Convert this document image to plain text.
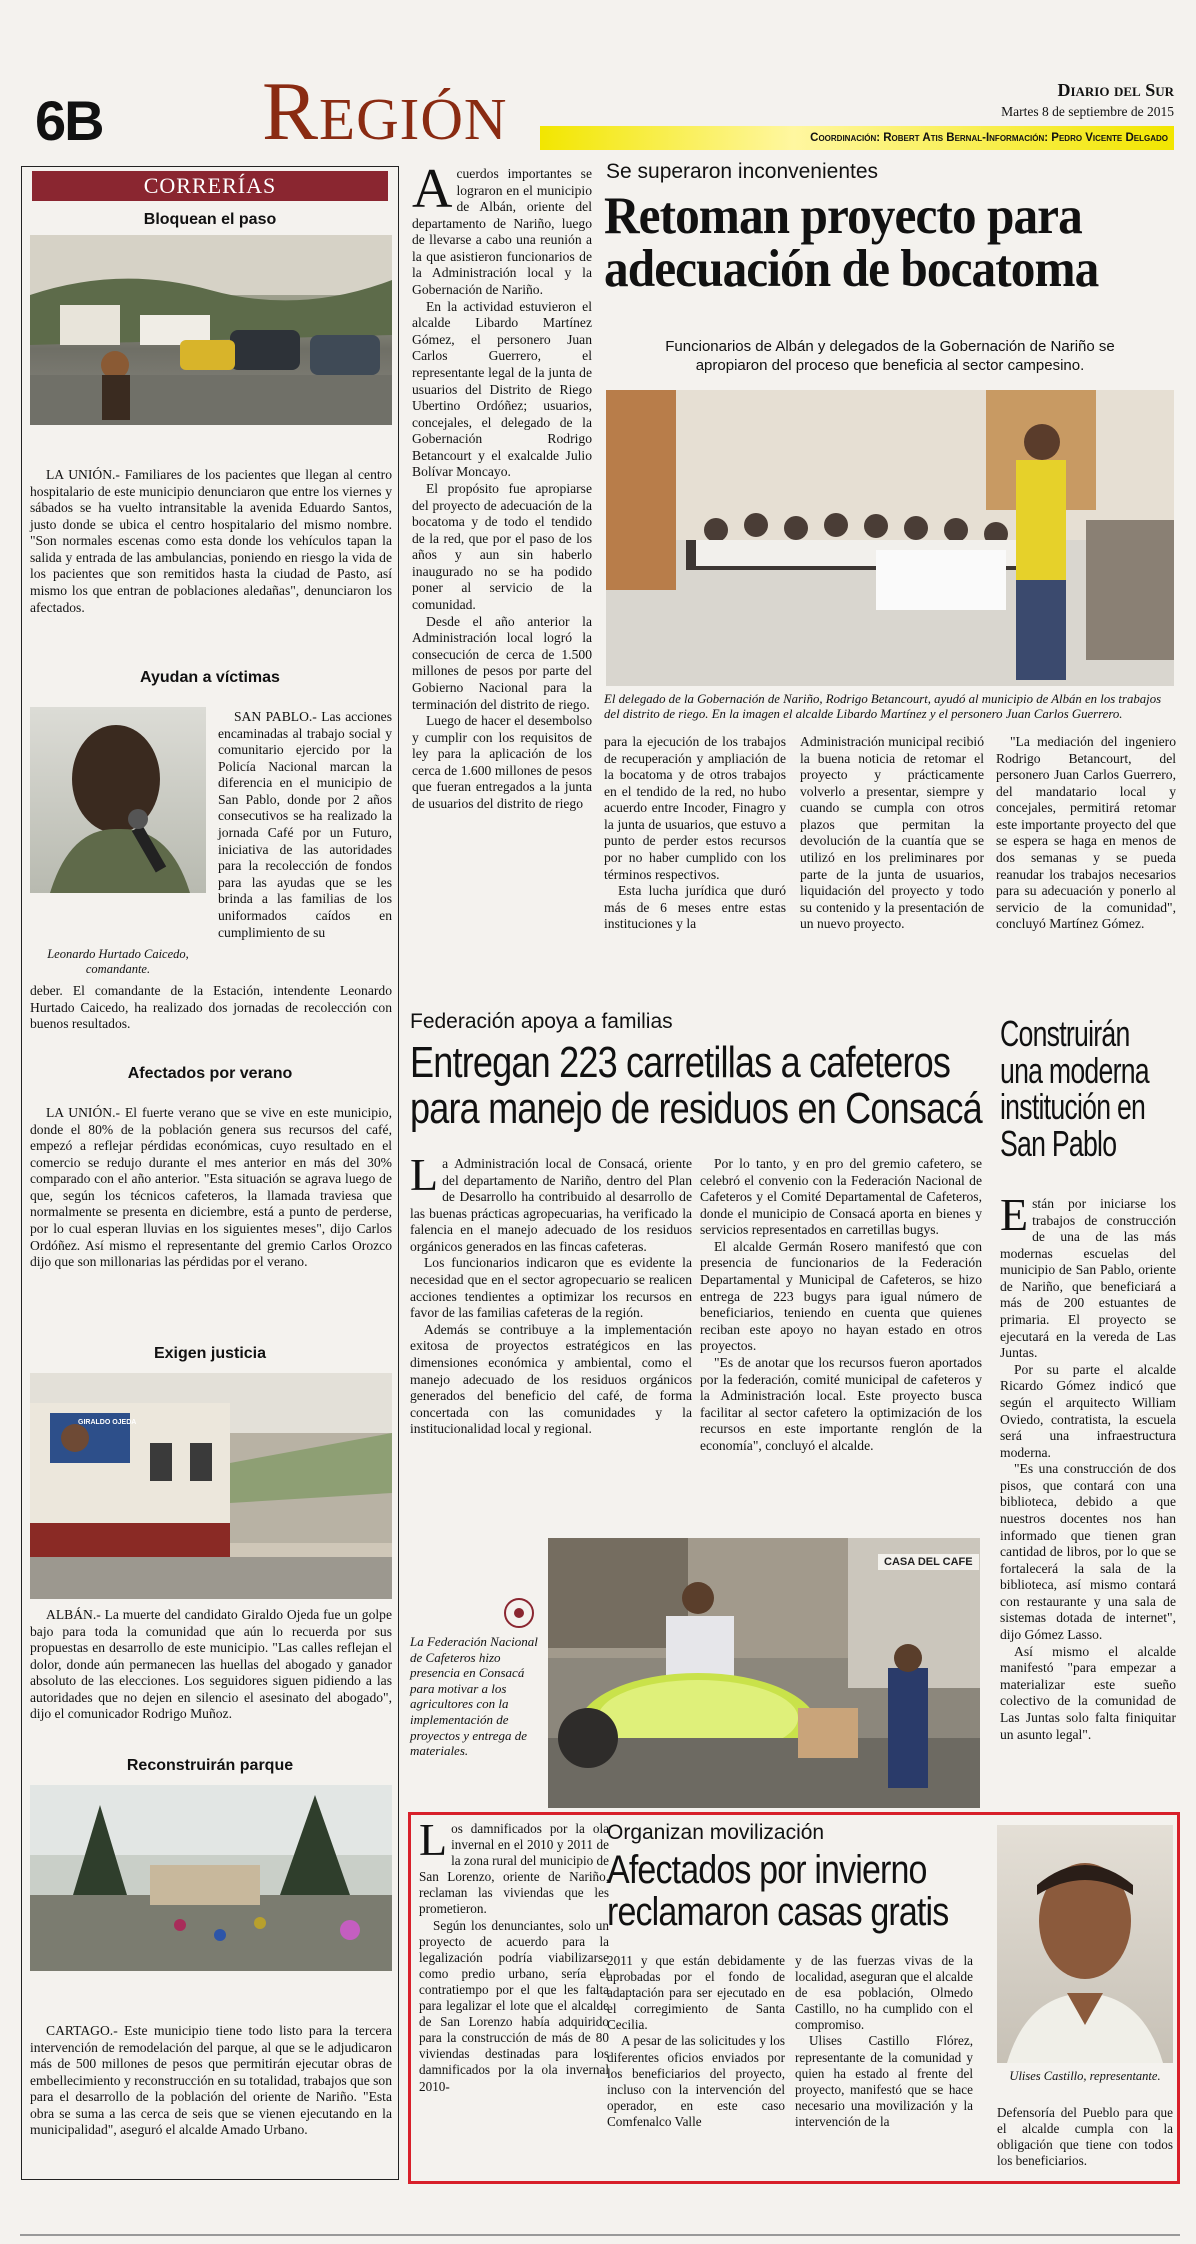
6B Región	Diario del Sur
Martes 8 de septiembre de 2015
Coordinación: Robert Atis Bernal-Información: Pedro Vicente Delgado
CORRERÍAS
Bloquean el paso

LA UNIÓN.- Familiares de los pacientes que llegan al centro hospitalario de este municipio denunciaron que entre los viernes y sábados se ha vuelto intransitable la avenida Eduardo Santos, justo donde se ubica el centro hospitalario del mismo nombre. "Son normales escenas como esta donde los vehículos tapan la salida y entrada de las ambulancias, poniendo en riesgo la vida de los pacientes que son remitidos hasta la ciudad de Pasto, así mismo los que entran de poblaciones aledañas", denunciaron los afectados.

Ayudan a víctimas

SAN PABLO.- Las acciones encaminadas al trabajo social y comunitario ejercido por la Policía Nacional marcan la diferencia en el municipio de San Pablo, donde por 2 años consecutivos se ha realizado la jornada Café por un Futuro, iniciativa de las autoridades para la recolección de fondos para las ayudas que se les brinda a las familias de los uniformados caídos en cumplimiento de su

Leonardo Hurtado Caicedo, comandante.

deber. El comandante de la Estación, intendente Leonardo Hurtado Caicedo, ha realizado dos jornadas de recolección con buenos resultados.

Afectados por verano

LA UNIÓN.- El fuerte verano que se vive en este municipio, donde el 80% de la población genera sus recursos del café, empezó a reflejar pérdidas económicas, cuyo resultado en el comercio se redujo durante el mes anterior en más del 30% comparado con el año anterior. "Esta situación se agrava luego de que, según los técnicos cafeteros, la llamada traviesa que normalmente se presenta en diciembre, está a punto de perderse, por lo cual esperan lluvias en los siguientes meses", dijo Carlos Ordóñez. Así mismo el representante del gremio Carlos Orozco dijo que son millonarias las pérdidas por el verano.

Exigen justicia
GIRALDO OJEDA

ALBÁN.- La muerte del candidato Giraldo Ojeda fue un golpe bajo para toda la comunidad que aún lo recuerda por sus propuestas en desarrollo de este municipio. "Las calles reflejan el dolor, donde aún permanecen las huellas del abogado y ganador absoluto de las elecciones. Los seguidores siguen pidiendo a las autoridades que no dejen en silencio el asesinato del abogado", dijo el comunicador Rodrigo Muñoz.

Reconstruirán parque

CARTAGO.- Este municipio tiene todo listo para la tercera intervención de remodelación del parque, al que se le adjudicaron más de 500 millones de pesos que permitirán ejecutar obras de embellecimiento y reconstrucción en su totalidad, trabajos que son para el desarrollo de la población del oriente de Nariño. "Esta obra se suma a las cerca de seis que se vienen ejecutando en la municipalidad", aseguró el alcalde Amado Urbano.

A cuerdos importantes se lograron en el municipio de Albán, oriente del departamento de Nariño, luego de llevarse a cabo una reunión a la que asistieron funcionarios de la Administración local y la Gobernación de Nariño.

En la actividad estuvieron el alcalde Libardo Martínez Gómez, el personero Juan Carlos Guerrero, el representante legal de la junta de usuarios del Distrito de Riego Ubertino Ordóñez; usuarios, concejales, el delegado de la Gobernación Rodrigo Betancourt y el exalcalde Julio Bolívar Moncayo.

El propósito fue apropiarse del proyecto de adecuación de la bocatoma y de todo el tendido de la red, que por el paso de los años y aun sin haberlo inaugurado no se ha podido poner al servicio de la comunidad.

Desde el año anterior la Administración local logró la consecución de cerca de 1.500 millones de pesos por parte del Gobierno Nacional para la terminación del distrito de riego.

Luego de hacer el desembolso y cumplir con los requisitos de ley para la aplicación de los cerca de 1.600 millones de pesos que fueran entregados a la junta de usuarios del distrito de riego

Se superaron inconvenientes
Retoman proyecto para adecuación de bocatoma
Funcionarios de Albán y delegados de la Gobernación de Nariño se apropiaron del proceso que beneficia al sector campesino.
El delegado de la Gobernación de Nariño, Rodrigo Betancourt, ayudó al municipio de Albán en los trabajos del distrito de riego. En la imagen el alcalde Libardo Martínez y el personero Juan Carlos Guerrero.

para la ejecución de los trabajos de recuperación y ampliación de la bocatoma y de otros trabajos en el tendido de la red, no hubo acuerdo entre Incoder, Finagro y la junta de usuarios, que estuvo a punto de perder estos recursos por no haber cumplido con los términos respectivos.

Esta lucha jurídica que duró más de 6 meses entre estas instituciones y la

Administración municipal recibió la buena noticia de retomar el proyecto y prácticamente volverlo a presentar, siempre y cuando se cumpla con otros plazos que permitan la devolución de la cuantía que se utilizó en los preliminares por parte de la junta de usuarios, liquidación del proyecto y todo su contenido y la presentación de un nuevo proyecto.

"La mediación del ingeniero Rodrigo Betancourt, del personero Juan Carlos Guerrero, del mandatario local y concejales, permitirá retomar este importante proyecto del que se espera se haga en menos de dos semanas y se pueda reanudar los trabajos necesarios para su adecuación y ponerlo al servicio de la comunidad", concluyó Martínez Gómez.

Federación apoya a familias
Entregan 223 carretillas a cafeteros para manejo de residuos en Consacá
L a Administración local de Consacá, oriente del departamento de Nariño, dentro del Plan de Desarrollo ha contribuido al desarrollo de las buenas prácticas agropecuarias, ha verificado la falencia en el manejo adecuado de los residuos orgánicos generados en las fincas cafeteras.

Los funcionarios indicaron que es evidente la necesidad que en el sector agropecuario se realicen acciones tendientes a optimizar los recursos en favor de las familias cafeteras de la región.

Además se contribuye a la implementación exitosa de proyectos estratégicos en las dimensiones económica y ambiental, como el manejo adecuado de los residuos orgánicos generados del beneficio del café, de forma concertada con las comunidades y la institucionalidad local y regional.

Por lo tanto, y en pro del gremio cafetero, se celebró el convenio con la Federación Nacional de Cafeteros y el Comité Departamental de Cafeteros, donde el municipio de Consacá aporta en bienes y servicios representados en carretillas bugys.

El alcalde Germán Rosero manifestó que con presencia de funcionarios de la Federación Departamental y Municipal de Cafeteros, se hizo entrega de 223 bugys para igual número de beneficiarios, teniendo en cuenta que quienes reciban este apoyo no hayan estado en otros proyectos.

"Es de anotar que los recursos fueron aportados por la federación, comité municipal de cafeteros y la Administración local. Este proyecto busca facilitar al sector cafetero la optimización de los recursos en este importante renglón de la economía", concluyó el alcalde.

La Federación Nacional de Cafeteros hizo presencia en Consacá para motivar a los agricultores con la implementación de proyectos y entrega de materiales.
CASA DEL CAFE
Construirán una moderna institución en San Pablo
E stán por iniciarse los trabajos de construcción de una de las más modernas escuelas del municipio de San Pablo, oriente de Nariño, que beneficiará a más de 200 estuantes de primaria. El proyecto se ejecutará en la vereda de Las Juntas.

Por su parte el alcalde Ricardo Gómez indicó que según el arquitecto William Oviedo, contratista, la escuela será una infraestructura moderna.

"Es una construcción de dos pisos, que contará con una biblioteca, debido a que nuestros docentes nos han informado que tienen gran cantidad de libros, por lo que se fortalecerá la sala de la biblioteca, así mismo contará con restaurante y una sala de sistemas dotada de internet", dijo Gómez Lasso.

Así mismo el alcalde manifestó "para empezar a materializar este sueño colectivo de la comunidad de Las Juntas solo falta finiquitar un asunto legal".

L os damnificados por la ola invernal en el 2010 y 2011 de la zona rural del municipio de San Lorenzo, oriente de Nariño, reclaman las viviendas que les prometieron.

Según los denunciantes, solo un proyecto de acuerdo para la legalización podría viabilizarse como predio urbano, sería el contratiempo por el que les falta para legalizar el lote que el alcalde de San Lorenzo había adquirido para la construcción de más de 80 viviendas destinadas para los damnificados por la ola invernal 2010-

Organizan movilización
Afectados por invierno reclamaron casas gratis

2011 y que están debidamente aprobadas por el fondo de adaptación para ser ejecutado en el corregimiento de Santa Cecilia.

A pesar de las solicitudes y los diferentes oficios enviados por los beneficiarios del proyecto, incluso con la intervención del operador, en este caso Comfenalco Valle

y de las fuerzas vivas de la localidad, aseguran que el alcalde de esa población, Olmedo Castillo, no ha cumplido con el compromiso.

Ulises Castillo Flórez, representante de la comunidad y quien ha estado al frente del proyecto, manifestó que se hace necesario una movilización y la intervención de la

Ulises Castillo, representante.

Defensoría del Pueblo para que el alcalde cumpla con la obligación que tiene con todos los beneficiarios.
